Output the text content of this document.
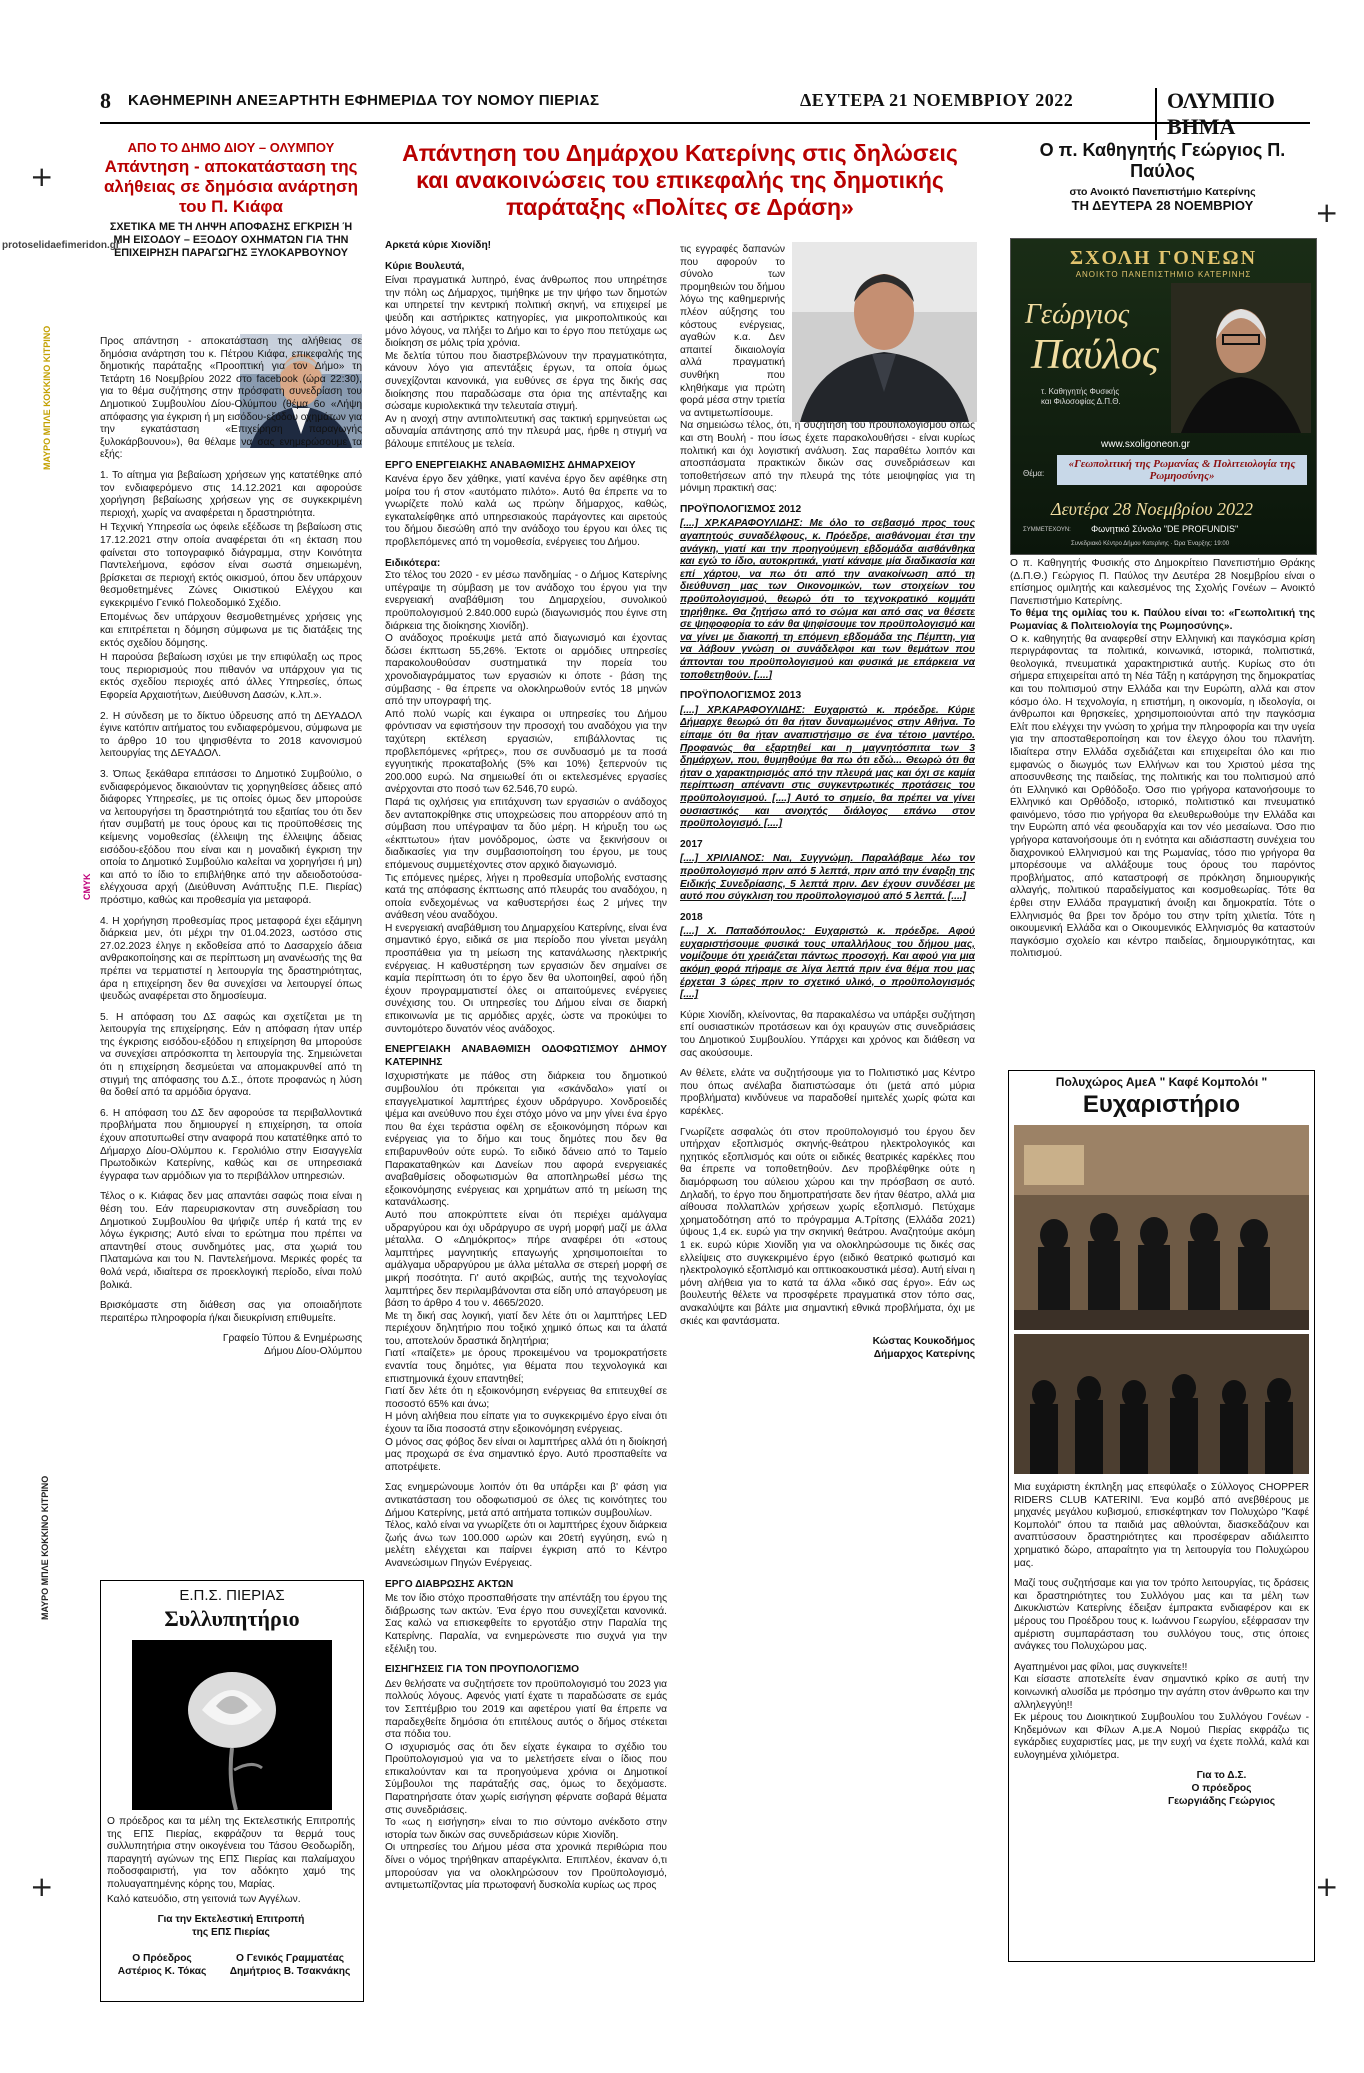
+
+
+	+
protoselidaefimeridon.gr
ΜΑΥΡΟ ΜΠΛΕ ΚΟΚΚΙΝΟ ΚΙΤΡΙΝΟ
CMYK
ΜΑΥΡΟ ΜΠΛΕ ΚΟΚΚΙΝΟ ΚΙΤΡΙΝΟ
8 ΚΑΘΗΜΕΡΙΝΗ ΑΝΕΞΑΡΤΗΤΗ ΕΦΗΜΕΡΙΔΑ ΤΟΥ ΝΟΜΟΥ ΠΙΕΡΙΑΣ	ΔΕΥΤΕΡΑ 21 ΝΟΕΜΒΡΙΟΥ 2022	ΟΛΥΜΠΙΟ ΒΗΜΑ
ΑΠΟ ΤΟ ΔΗΜΟ ΔΙΟΥ – ΟΛΥΜΠΟΥ
Απάντηση - αποκατάσταση της αλήθειας σε δημόσια ανάρτηση του Π. Κιάφα
ΣΧΕΤΙΚΑ ΜΕ ΤΗ ΛΗΨΗ ΑΠΟΦΑΣΗΣ ΕΓΚΡΙΣΗ Ή ΜΗ ΕΙΣΟΔΟΥ – ΕΞΟΔΟΥ ΟΧΗΜΑΤΩΝ ΓΙΑ ΤΗΝ ΕΠΙΧΕΙΡΗΣΗ ΠΑΡΑΓΩΓΗΣ ΞΥΛΟΚΑΡΒΟΥΝΟΥ

Προς απάντηση - αποκατάσταση της αλήθειας σε δημόσια ανάρτηση του κ. Πέτρου Κιάφα, επικεφαλής της δημοτικής παράταξης «Προοπτική για τον Δήμο» τη Τετάρτη 16 Νοεμβρίου 2022 στο facebook (ώρα 22:30), για το θέμα συζήτησης στην πρόσφατη συνεδρίαση του Δημοτικού Συμβουλίου Δίου-Ολύμπου (θέμα 6ο «Λήψη απόφασης για έγκριση ή μη εισόδου-εξόδου οχημάτων για την εγκατάσταση «Επιχείρηση παραγωγής ξυλοκάρβουνου»), θα θέλαμε να σας ενημερώσουμε τα εξής:

1. Το αίτημα για βεβαίωση χρήσεων γης κατατέθηκε από τον ενδιαφερόμενο στις 14.12.2021 και αφορούσε χορήγηση βεβαίωσης χρήσεων γης σε συγκεκριμένη περιοχή, χωρίς να αναφέρεται η δραστηριότητα.

Η Τεχνική Υπηρεσία ως όφειλε εξέδωσε τη βεβαίωση στις 17.12.2021 στην οποία αναφέρεται ότι «η έκταση που φαίνεται στο τοπογραφικό διάγραμμα, στην Κοινότητα Παντελεήμονα, εφόσον είναι σωστά σημειωμένη, βρίσκεται σε περιοχή εκτός οικισμού, όπου δεν υπάρχουν θεσμοθετημένες Ζώνες Οικιστικού Ελέγχου και εγκεκριμένο Γενικό Πολεοδομικό Σχέδιο.

Επομένως δεν υπάρχουν θεσμοθετημένες χρήσεις γης και επιτρέπεται η δόμηση σύμφωνα με τις διατάξεις της εκτός σχεδίου δόμησης.

Η παρούσα βεβαίωση ισχύει με την επιφύλαξη ως προς τους περιορισμούς που πιθανόν να υπάρχουν για τις εκτός σχεδίου περιοχές από άλλες Υπηρεσίες, όπως Εφορεία Αρχαιοτήτων, Διεύθυνση Δασών, κ.λπ.».

2. Η σύνδεση με το δίκτυο ύδρευσης από τη ΔΕΥΑΔΟΛ έγινε κατόπιν αιτήματος του ενδιαφερόμενου, σύμφωνα με το άρθρο 10 του ψηφισθέντα το 2018 κανονισμού λειτουργίας της ΔΕΥΑΔΟΛ.

3. Όπως ξεκάθαρα επιτάσσει το Δημοτικό Συμβούλιο, ο ενδιαφερόμενος δικαιούνταν τις χορηγηθείσες άδειες από διάφορες Υπηρεσίες, με τις οποίες όμως δεν μπορούσε να λειτουργήσει τη δραστηριότητά του εξαιτίας του ότι δεν ήταν συμβατή με τους όρους και τις προϋποθέσεις της κείμενης νομοθεσίας (έλλειψη της έλλειψης άδειας εισόδου-εξόδου που είναι και η μοναδική έγκριση την οποία το Δημοτικό Συμβούλιο καλείται να χορηγήσει ή μη) και από το ίδιο το επιβλήθηκε από την αδειοδοτούσα-ελέγχουσα αρχή (Διεύθυνση Ανάπτυξης Π.Ε. Πιερίας) πρόστιμο, καθώς και προθεσμία για μεταφορά.

4. Η χορήγηση προθεσμίας προς μεταφορά έχει εξάμηνη διάρκεια μεν, ότι μέχρι την 01.04.2023, ωστόσο στις 27.02.2023 έληγε η εκδοθείσα από το Δασαρχείο άδεια ανθρακοποίησης και σε περίπτωση μη ανανέωσής της θα πρέπει να τερματιστεί η λειτουργία της δραστηριότητας, άρα η επιχείρηση δεν θα συνεχίσει να λειτουργεί όπως ψευδώς αναφέρεται στο δημοσίευμα.

5. Η απόφαση του ΔΣ σαφώς και σχετίζεται με τη λειτουργία της επιχείρησης. Εάν η απόφαση ήταν υπέρ της έγκρισης εισόδου-εξόδου η επιχείρηση θα μπορούσε να συνεχίσει απρόσκοπτα τη λειτουργία της. Σημειώνεται ότι η επιχείρηση δεσμεύεται να απομακρυνθεί από τη στιγμή της απόφασης του Δ.Σ., όποτε προφανώς η λύση θα δοθεί από τα αρμόδια όργανα.

6. Η απόφαση του ΔΣ δεν αφορούσε τα περιβαλλοντικά προβλήματα που δημιουργεί η επιχείρηση, τα οποία έχουν αποτυπωθεί στην αναφορά που κατατέθηκε από το Δήμαρχο Δίου-Ολύμπου κ. Γερολιόλιο στην Εισαγγελία Πρωτοδικών Κατερίνης, καθώς και σε υπηρεσιακά έγγραφα των αρμόδιων για το περιβάλλον υπηρεσιών.

Τέλος ο κ. Κιάφας δεν μας απαντάει σαφώς ποια είναι η θέση του. Εάν παρευρισκονταν στη συνεδρίαση του Δημοτικού Συμβουλίου θα ψήφιζε υπέρ ή κατά της εν λόγω έγκρισης; Αυτό είναι το ερώτημα που πρέπει να απαντηθεί στους συνδημότες μας, στα χωριά του Πλαταμώνα και του Ν. Παντελεήμονα. Μερικές φορές τα θολά νερά, ιδιαίτερα σε προεκλογική περίοδο, είναι πολύ βολικά.

Βρισκόμαστε στη διάθεση σας για οποιαδήποτε περαιτέρω πληροφορία ή/και διευκρίνιση επιθυμείτε.

Γραφείο Τύπου & Ενημέρωσης
Δήμου Δίου-Ολύμπου
Ε.Π.Σ. ΠΙΕΡΙΑΣ
Συλλυπητήριο

Ο πρόεδρος και τα μέλη της Εκτελεστικής Επιτροπής της ΕΠΣ Πιερίας, εκφράζουν τα θερμά τους συλλυπητήρια στην οικογένεια του Τάσου Θεοδωρίδη, παραγητή αγώνων της ΕΠΣ Πιερίας και παλαίμαχου ποδοσφαιριστή, για τον αδόκητο χαμό της πολυαγαπημένης κόρης του, Μαρίας.

Καλό κατευόδιο, στη γειτονιά των Αγγέλων.

Για την Εκτελεστική Επιτροπή
της ΕΠΣ Πιερίας
Ο Πρόεδρος
Αστέριος Κ. Τόκας
Ο Γενικός Γραμματέας
Δημήτριος Β. Τσακνάκης
Απάντηση του Δημάρχου Κατερίνης στις δηλώσεις και ανακοινώσεις του επικεφαλής της δημοτικής παράταξης «Πολίτες σε Δράση»

Αρκετά κύριε Χιονίδη!

Κύριε Βουλευτά,

Είναι πραγματικά λυπηρό, ένας άνθρωπος που υπηρέτησε την πόλη ως Δήμαρχος, τιμήθηκε με την ψήφο των δημοτών και υπηρετεί την κεντρική πολιτική σκηνή, να επιχειρεί με ψεύδη και αστήρικτες κατηγορίες, για μικροπολιτικούς και μόνο λόγους, να πλήξει το Δήμο και το έργο που πετύχαμε ως διοίκηση σε μόλις τρία χρόνια.

Με δελτία τύπου που διαστρεβλώνουν την πραγματικότητα, κάνουν λόγο για απεντάξεις έργων, τα οποία όμως συνεχίζονται κανονικά, για ευθύνες σε έργα της δικής σας διοίκησης που παραδώσαμε στα όρια της απένταξης και σώσαμε κυριολεκτικά την τελευταία στιγμή.

Αν η ανοχή στην αντιπολιτευτική σας τακτική ερμηνεύεται ως αδυναμία απάντησης από την πλευρά μας, ήρθε η στιγμή να βάλουμε επιτέλους με τελεία.

ΕΡΓΟ ΕΝΕΡΓΕΙΑΚΗΣ ΑΝΑΒΑΘΜΙΣΗΣ ΔΗΜΑΡΧΕΙΟΥ

Κανένα έργο δεν χάθηκε, γιατί κανένα έργο δεν αφέθηκε στη μοίρα του ή στον «αυτόματο πιλότο». Αυτό θα έπρεπε να το γνωρίζετε πολύ καλά ως πρώην δήμαρχος, καθώς, εγκαταλείφθηκε από υπηρεσιακούς παράγοντες και αιρετούς του δήμου διεσώθη από την ανάδοχο του έργου και όλες τις προβλεπόμενες από τη νομοθεσία, ενέργειες του Δήμου.

Ειδικότερα:

Στο τέλος του 2020 - εν μέσω πανδημίας - ο Δήμος Κατερίνης υπέγραψε τη σύμβαση με τον ανάδοχο του έργου για την ενεργειακή αναβάθμιση του Δημαρχείου, συνολικού προϋπολογισμού 2.840.000 ευρώ (διαγωνισμός που έγινε στη διάρκεια της διοίκησης Χιονίδη).

Ο ανάδοχος προέκυψε μετά από διαγωνισμό και έχοντας δώσει έκπτωση 55,26%. Έκτοτε οι αρμόδιες υπηρεσίες παρακολουθούσαν συστηματικά την πορεία του χρονοδιαγράμματος των εργασιών κι όποτε - βάση της σύμβασης - θα έπρεπε να ολοκληρωθούν εντός 18 μηνών από την υπογραφή της.

Από πολύ νωρίς και έγκαιρα οι υπηρεσίες του Δήμου φρόντισαν να εφιστήσουν την προσοχή του αναδόχου για την ταχύτερη εκτέλεση εργασιών, επιβάλλοντας τις προβλεπόμενες «ρήτρες», που σε συνδυασμό με τα ποσά εγγυητικής προκαταβολής (5% και 10%) ξεπερνούν τις 200.000 ευρώ. Να σημειωθεί ότι οι εκτελεσμένες εργασίες ανέρχονται στο ποσό των 62.546,70 ευρώ.

Παρά τις οχλήσεις για επιτάχυνση των εργασιών ο ανάδοχος δεν ανταποκρίθηκε στις υποχρεώσεις που απορρέουν από τη σύμβαση που υπέγραψαν τα δύο μέρη. Η κήρυξη του ως «έκπτωτου» ήταν μονόδρομος, ώστε να ξεκινήσουν οι διαδικασίες για την συμβασιοποίηση του έργου, με τους επόμενους συμμετέχοντες στον αρχικό διαγωνισμό.

Τις επόμενες ημέρες, λήγει η προθεσμία υποβολής ενστασης κατά της απόφασης έκπτωσης από πλευράς του αναδόχου, η οποία ενδεχομένως να καθυστερήσει έως 2 μήνες την ανάθεση νέου αναδόχου.

Η ενεργειακή αναβάθμιση του Δημαρχείου Κατερίνης, είναι ένα σημαντικό έργο, ειδικά σε μια περίοδο που γίνεται μεγάλη προσπάθεια για τη μείωση της κατανάλωσης ηλεκτρικής ενέργειας. Η καθυστέρηση των εργασιών δεν σημαίνει σε καμία περίπτωση ότι το έργο δεν θα υλοποιηθεί, αφού ήδη έχουν προγραμματιστεί όλες οι απαιτούμενες ενέργειες συνέχισης του. Οι υπηρεσίες του Δήμου είναι σε διαρκή επικοινωνία με τις αρμόδιες αρχές, ώστε να προκύψει το συντομότερο δυνατόν νέος ανάδοχος.

ΕΝΕΡΓΕΙΑΚΗ ΑΝΑΒΑΘΜΙΣΗ ΟΔΟΦΩΤΙΣΜΟΥ ΔΗΜΟΥ ΚΑΤΕΡΙΝΗΣ

Ισχυριστήκατε με πάθος στη διάρκεια του δημοτικού συμβουλίου ότι πρόκειται για «σκάνδαλο» γιατί οι επαγγελματικοί λαμπτήρες έχουν υδράργυρο. Χονδροειδές ψέμα και ανεύθυνο που έχει στόχο μόνο να μην γίνει ένα έργο που θα έχει τεράστια οφέλη σε εξοικονόμηση πόρων και ενέργειας για το δήμο και τους δημότες που δεν θα επιβαρυνθούν ούτε ευρώ. Το ειδικό δάνειο από το Ταμείο Παρακαταθηκών και Δανείων που αφορά ενεργειακές αναβαθμίσεις οδοφωτισμών θα αποπληρωθεί μέσω της εξοικονόμησης ενέργειας και χρημάτων από τη μείωση της κατανάλωσης.

Αυτό που αποκρύπτετε είναι ότι περιέχει αμάλγαμα υδραργύρου και όχι υδράργυρο σε υγρή μορφή μαζί με άλλα μέταλλα. Ο «Δημόκριτος» πήρε αναφέρει ότι «στους λαμπτήρες μαγνητικής επαγωγής χρησιμοποιείται το αμάλγαμα υδραργύρου με άλλα μέταλλα σε στερεή μορφή σε μικρή ποσότητα. Γι' αυτό ακριβώς, αυτής της τεχνολογίας λαμπτήρες δεν περιλαμβάνονται στα είδη υπό απαγόρευση με βάση το άρθρο 4 του ν. 4665/2020.

Με τη δική σας λογική, γιατί δεν λέτε ότι οι λαμπτήρες LED περιέχουν δηλητήριο που τοξικό χημικό όπως και τα άλατά του, αποτελούν δραστικά δηλητήρια;

Γιατί «παίζετε» με όρους προκειμένου να τρομοκρατήσετε εναντία τους δημότες, για θέματα που τεχνολογικά και επιστημονικά έχουν επαντηθεί;

Γιατί δεν λέτε ότι η εξοικονόμηση ενέργειας θα επιτευχθεί σε ποσοστό 65% και άνω;

Η μόνη αλήθεια που είπατε για το συγκεκριμένο έργο είναι ότι έχουν τα ίδια ποσοστά στην εξοικονόμηση ενέργειας.

Ο μόνος σας φόβος δεν είναι οι λαμπτήρες αλλά ότι η διοίκησή μας προχωρά σε ένα σημαντικό έργο. Αυτό προσπαθείτε να αποτρέψετε.

Σας ενημερώνουμε λοιπόν ότι θα υπάρξει και β' φάση για αντικατάσταση του οδοφωτισμού σε όλες τις κοινότητες του Δήμου Κατερίνης, μετά από αιτήματα τοπικών συμβουλίων.

Τέλος, καλό είναι να γνωρίζετε ότι οι λαμπτήρες έχουν διάρκεια ζωής άνω των 100.000 ωρών και 20ετή εγγύηση, ενώ η μελέτη ελέγχεται και παίρνει έγκριση από το Κέντρο Ανανεώσιμων Πηγών Ενέργειας.

ΕΡΓΟ ΔΙΑΒΡΩΣΗΣ ΑΚΤΩΝ

Με τον ίδιο στόχο προσπαθήσατε την απέντάξη του έργου της διάβρωσης των ακτών. Ένα έργο που συνεχίζεται κανονικά. Σας καλώ να επισκεφθείτε το εργοτάξιο στην Παραλία της Κατερίνης. Παραλία, να ενημερώνεστε πιο συχνά για την εξέλιξη του.

ΕΙΣΗΓΗΣΕΙΣ ΓΙΑ ΤΟΝ ΠΡΟΥΠΟΛΟΓΙΣΜΟ

Δεν θελήσατε να συζητήσετε τον προϋπολογισμό του 2023 για πολλούς λόγους. Αφενός γιατί έχατε τι παραδώσατε σε εμάς τον Σεπτέμβριο του 2019 και αφετέρου γιατί θα έπρεπε να παραδεχθείτε δημόσια ότι επιτέλους αυτός ο δήμος στέκεται στα πόδια του.

Ο ισχυρισμός σας ότι δεν είχατε έγκαιρα το σχέδιο του Προϋπολογισμού για να το μελετήσετε είναι ο ίδιος που επικαλούνταν και τα προηγούμενα χρόνια οι Δημοτικοί Σύμβουλοι της παράταξής σας, όμως το δεχόμαστε. Παρατηρήσατε όταν χωρίς εισήγηση φέρνατε σοβαρά θέματα στις συνεδριάσεις.

Το «ως η εισήγηση» είναι το πιο σύντομο ανέκδοτο στην ιστορία των δικών σας συνεδριάσεων κύριε Χιονίδη.

Οι υπηρεσίες του Δήμου μέσα στα χρονικά περιθώρια που δίνει ο νόμος τηρήθηκαν απαρέγκλιτα. Επιπλέον, έκαναν ό,τι μπορούσαν για να ολοκληρώσουν τον Προϋπολογισμό, αντιμετωπίζοντας μία πρωτοφανή δυσκολία κυρίως ως προς

τις εγγραφές δαπανών που αφορούν το σύνολο των προμηθειών του δήμου λόγω της καθημερινής πλέον αύξησης του κόστους ενέργειας, αγαθών κ.α. Δεν απαιτεί δικαιολογία αλλά πραγματική συνθήκη που κληθήκαμε για πρώτη φορά μέσα στην τριετία να αντιμετωπίσουμε.

Να σημειώσω τέλος, ότι, η συζήτηση του προϋπολογισμού όπως και στη Βουλή - που ίσως έχετε παρακολουθήσει - είναι κυρίως πολιτική και όχι λογιστική ανάλυση. Σας παραθέτω λοιπόν και αποσπάσματα πρακτικών δικών σας συνεδριάσεων και τοποθετήσεων από την πλευρά της τότε μειοψηφίας για τη μόνιμη πρακτική σας:

ΠΡΟΫΠΟΛΟΓΙΣΜΟΣ 2012

[....] ΧΡ.ΚΑΡΑΦΟΥΛΙΔΗΣ: Με όλο το σεβασμό προς τους αγαπητούς συναδέλφους, κ. Πρόεδρε, αισθάνομαι έτσι την ανάγκη, γιατί και την προηγούμενη εβδομάδα αισθάνθηκα και εγώ το ίδιο, αυτοκριτικά, γιατί κάναμε μία διαδικασία και επί χάρτου, να πω ότι από την ανακοίνωση από τη διεύθυνση μας των Οικονομικών, των στοιχείων του προϋπολογισμού, θεωρώ ότι το τεχνοκρατικό κομμάτι τηρήθηκε. Θα ζητήσω από το σώμα και από σας να θέσετε σε ψηφοφορία το εάν θα ψηφίσουμε τον προϋπολογισμό και να γίνει με διακοπή τη επόμενη εβδομάδα της Πέμπτη, για να λάβουν γνώση οι συνάδελφοι και των θεμάτων που άπτονται του προϋπολογισμού και φυσικά με επάρκεια να τοποθετηθούν. [....]

ΠΡΟΫΠΟΛΟΓΙΣΜΟΣ 2013

[....] ΧΡ.ΚΑΡΑΦΟΥΛΙΔΗΣ: Ευχαριστώ κ. πρόεδρε. Κύριε Δήμαρχε θεωρώ ότι θα ήταν δυναμωμένος στην Αθήνα. Το είπαμε ότι θα ήταν αναπιστήσιμο σε ένα τέτοιο μαντέρο. Προφανώς θα εξαρτηθεί και η μαγνητόσπιτα των 3 δημάρχων, που, θυμηθούμε θα πω ότι εδώ... Θεωρώ ότι θα ήταν ο χαρακτηρισμός από την πλευρά μας και όχι σε καμία περίπτωση απέναντι στις συγκεντρωτικές προτάσεις του προϋπολογισμού. [....] Αυτό το σημείο, θα πρέπει να γίνει ουσιαστικός και ανοιχτός διάλογος επάνω στον προϋπολογισμό. [....]

2017

[....] ΧΡΙΛΙΑΝΟΣ: Ναι, Συγγνώμη. Παραλάβαμε λέω τον προϋπολογισμό πριν από 5 λεπτά, πριν από την έναρξη της Ειδικής Συνεδρίασης, 5 λεπτά πριν. Δεν έχουν συνδέσει με αυτό που σύγκλιση του προϋπολογισμού από 5 λεπτά. [....]

2018

[....] Χ. Παπαδόπουλος: Ευχαριστώ κ. πρόεδρε. Αφού ευχαριστήσουμε φυσικά τους υπαλλήλους του δήμου μας, νομίζουμε ότι χρειάζεται πάντως προσοχή. Και αφού για μια ακόμη φορά πήραμε σε λίγα λεπτά πριν ένα θέμα που μας έρχεται 3 ώρες πριν το σχετικό υλικό, ο προϋπολογισμός [....]

Κύριε Χιονίδη, κλείνοντας, θα παρακαλέσω να υπάρξει συζήτηση επί ουσιαστικών προτάσεων και όχι κραυγών στις συνεδριάσεις του Δημοτικού Συμβουλίου. Υπάρχει και χρόνος και διάθεση να σας ακούσουμε.

Αν θέλετε, ελάτε να συζητήσουμε για το Πολιτιστικό μας Κέντρο που όπως ανέλαβα διαπιστώσαμε ότι (μετά από μύρια προβλήματα) κινδύνευε να παραδοθεί ημιτελές χωρίς φώτα και καρέκλες.

Γνωρίζετε ασφαλώς ότι στον προϋπολογισμό του έργου δεν υπήρχαν εξοπλισμός σκηνής-θεάτρου ηλεκτρολογικός και ηχητικός εξοπλισμός και ούτε οι ειδικές θεατρικές καρέκλες που θα έπρεπε να τοποθετηθούν. Δεν προβλέφθηκε ούτε η διαμόρφωση του αύλειου χώρου και την πρόσβαση σε αυτό. Δηλαδή, το έργο που δημοπρατήσατε δεν ήταν θέατρο, αλλά μια αίθουσα πολλαπλών χρήσεων χωρίς εξοπλισμό. Πετύχαμε χρηματοδότηση από το πρόγραμμα Α.Τρίτσης (Ελλάδα 2021) ύψους 1,4 εκ. ευρώ για την σκηνική θεάτρου. Αναζητούμε ακόμη 1 εκ. ευρώ κύριε Χιονίδη για να ολοκληρώσουμε τις δικές σας ελλείψεις στο συγκεκριμένο έργο (ειδικό θεατρικό φωτισμό και ηλεκτρολογικό εξοπλισμό και οπτικοακουστικά μέσα). Αυτή είναι η μόνη αλήθεια για το κατά τα άλλα «δικό σας έργο». Εάν ως βουλευτής θέλετε να προσφέρετε πραγματικά στον τόπο σας, ανακαλύψτε και βάλτε μια σημαντική εθνικά προβλήματα, όχι με σκιές και φαντάσματα.

Κώστας Κουκοδήμος
Δήμαρχος Κατερίνης
Ο π. Καθηγητής Γεώργιος Π. Παύλος
στο Ανοικτό Πανεπιστήμιο Κατερίνης
ΤΗ ΔΕΥΤΕΡΑ 28 ΝΟΕΜΒΡΙΟΥ
ΣΧΟΛΗ ΓΟΝΕΩΝ
ΑΝΟΙΚΤΟ ΠΑΝΕΠΙΣΤΗΜΙΟ ΚΑΤΕΡΙΝΗΣ
Γεώργιος
Παύλος
τ. Καθηγητής Φυσικής
και Φιλοσοφίας Δ.Π.Θ.
www.sxoligoneon.gr
Θέμα:
«Γεωπολιτική της Ρωμανίας & Πολιτειολογία της Ρωμηοσύνης»
Δευτέρα 28 Νοεμβρίου 2022
ΣΥΜΜΕΤΕΧΟΥΝ: Φωνητικό Σύνολο "DE PROFUNDIS"
Συνεδριακό Κέντρο Δήμου Κατερίνης · Ώρα Έναρξης: 19:00

Ο π. Καθηγητής Φυσικής στο Δημοκρίτειο Πανεπιστήμιο Θράκης (Δ.Π.Θ.) Γεώργιος Π. Παύλος την Δευτέρα 28 Νοεμβρίου είναι ο επίσημος ομιλητής και καλεσμένος της Σχολής Γονέων – Ανοικτό Πανεπιστήμιο Κατερίνης.

Το θέμα της ομιλίας του κ. Παύλου είναι το: «Γεωπολιτική της Ρωμανίας & Πολιτειολογία της Ρωμηοσύνης».

Ο κ. καθηγητής θα αναφερθεί στην Ελληνική και παγκόσμια κρίση περιγράφοντας τα πολιτικά, κοινωνικά, ιστορικά, πολιτιστικά, θεολογικά, πνευματικά χαρακτηριστικά αυτής. Κυρίως στο ότι σήμερα επιχειρείται από τη Νέα Τάξη η κατάργηση της δημοκρατίας και του πολιτισμού στην Ελλάδα και την Ευρώπη, αλλά και στον κόσμο όλο. Η τεχνολογία, η επιστήμη, η οικονομία, η ιδεολογία, οι άνθρωποι και θρησκείες, χρησιμοποιούνται από την παγκόσμια Ελίτ που ελέγχει την γνώση το χρήμα την πληροφορία και την υγεία για την αποσταθεροποίηση και τον έλεγχο όλου του πλανήτη. Ιδιαίτερα στην Ελλάδα σχεδιάζεται και επιχειρείται όλο και πιο εμφανώς ο διωγμός των Ελλήνων και του Χριστού μέσα της αποσυνθεσης της παιδείας, της πολιτικής και του πολιτισμού από ότι Ελληνικό και Ορθόδοξο. Όσο πιο γρήγορα κατανοήσουμε το Ελληνικό και Ορθόδοξο, ιστορικό, πολιτιστικό και πνευματικό φαινόμενο, τόσο πιο γρήγορα θα ελευθερωθούμε την Ελλάδα και την Ευρώπη από νέα φεουδαρχία και τον νέο μεσαίωνα. Όσο πιο γρήγορα κατανοήσουμε ότι η ενότητα και αδιάσπαστη συνέχεια του διαχρονικού Ελληνισμού και της Ρωμανίας, τόσο πιο γρήγορα θα μπορέσουμε να αλλάξουμε τους όρους του παρόντος προβλήματος, από καταστροφή σε πρόκληση δημιουργικής αλλαγής, πολιτικού παραδείγματος και κοσμοθεωρίας. Τότε θα έρθει στην Ελλάδα πραγματική άνοιξη και δημοκρατία. Τότε ο Ελληνισμός θα βρει τον δρόμο του στην τρίτη χιλιετία. Τότε η οικουμενική Ελλάδα και ο Οικουμενικός Ελληνισμός θα καταστούν παγκόσμιο σχολείο και κέντρο παιδείας, δημιουργικότητας, και πολιτισμού.

Πολυχώρος ΑμεΑ " Καφέ Κομπολόι "
Ευχαριστήριο

Μια ευχάριστη έκπληξη μας επεφύλαξε ο Σύλλογος CHOPPER RIDERS CLUB KATERINI. Ένα κομβό από ανεβθέρους με μηχανές μεγάλου κυβισμού, επισκέφτηκαν τον Πολυχώρο "Καφέ Κομπολόι" όπου τα παιδιά μας αθλούνται, διασκεδάζουν και αναπτύσσουν δραστηριότητες και προσέφεραν αδιάλειπτο χρηματικό δώρο, απαραίτητο για τη λειτουργία του Πολυχώρου μας.

Μαζί τους συζητήσαμε και για τον τρόπο λειτουργίας, τις δράσεις και δραστηριότητες του Συλλόγου μας και τα μέλη των Δικυκλιστών Κατερίνης έδειξαν έμπρακτα ενδιαφέρον και εκ μέρους του Προέδρου τους κ. Ιωάννου Γεωργίου, εξέφρασαν την αμέριστη συμπαράσταση του συλλόγου τους, στις όποιες ανάγκες του Πολυχώρου μας.

Αγαπημένοι μας φίλοι, μας συγκινείτε!!

Και είσαστε αποτελείτε έναν σημαντικό κρίκο σε αυτή την κοινωνική αλυσίδα με πρόσημο την αγάπη στον άνθρωπο και την αλληλεγγύη!!

Εκ μέρους του Διοικητικού Συμβουλίου του Συλλόγου Γονέων - Κηδεμόνων και Φίλων Α.με.Α Νομού Πιερίας εκφράζω τις εγκάρδιες ευχαριστίες μας, με την ευχή να έχετε πολλά, καλά και ευλογημένα χιλιόμετρα.

Για το Δ.Σ.
Ο πρόεδρος
Γεωργιάδης Γεώργιος
